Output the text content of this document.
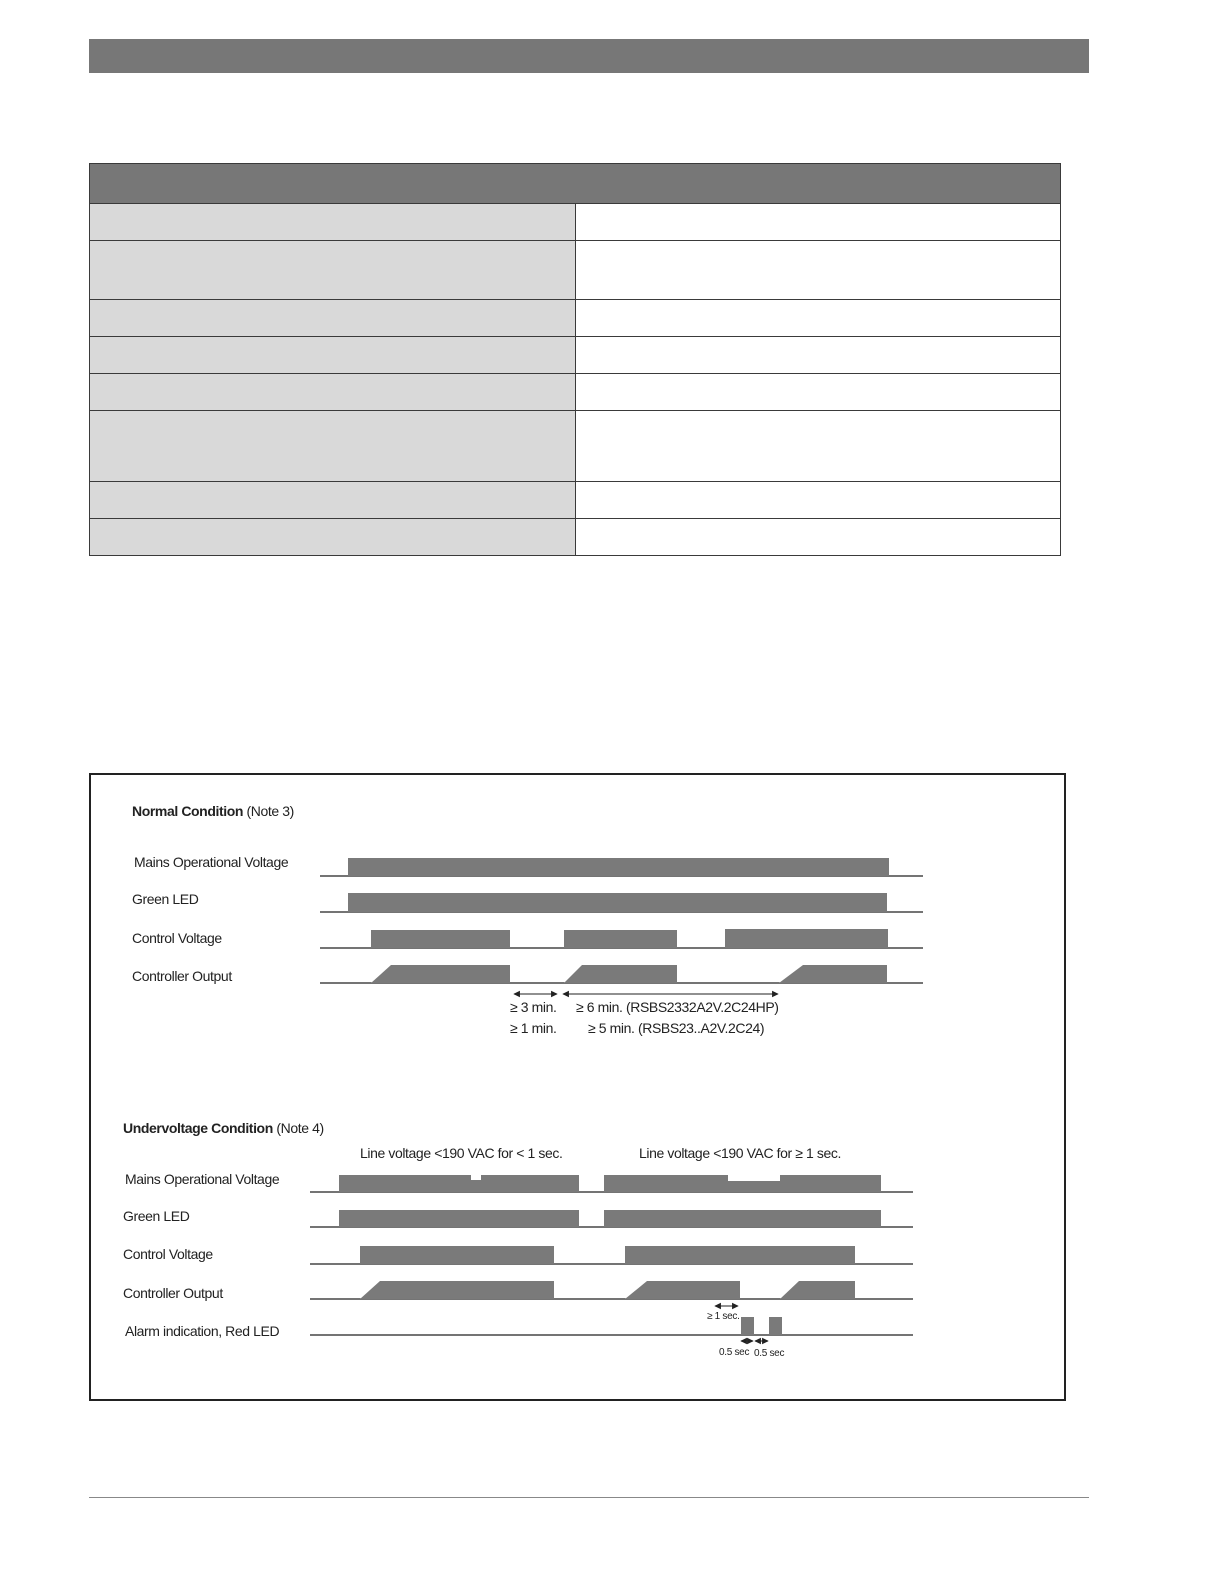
Normal Condition (Note 3)
Mains Operational Voltage
Green LED
Control Voltage
Controller Output
≥ 3 min.
≥ 1 min.
≥ 6 min. (RSBS2332A2V.2C24HP)
≥ 5 min. (RSBS23..A2V.2C24)
Undervoltage Condition (Note 4)
Line voltage <190 VAC for < 1 sec.	Line voltage <190 VAC for ≥ 1 sec.
Mains Operational Voltage
Green LED
Control Voltage
Controller Output
Alarm indication, Red LED
≥ 1 sec.
0.5 sec 0.5 sec
